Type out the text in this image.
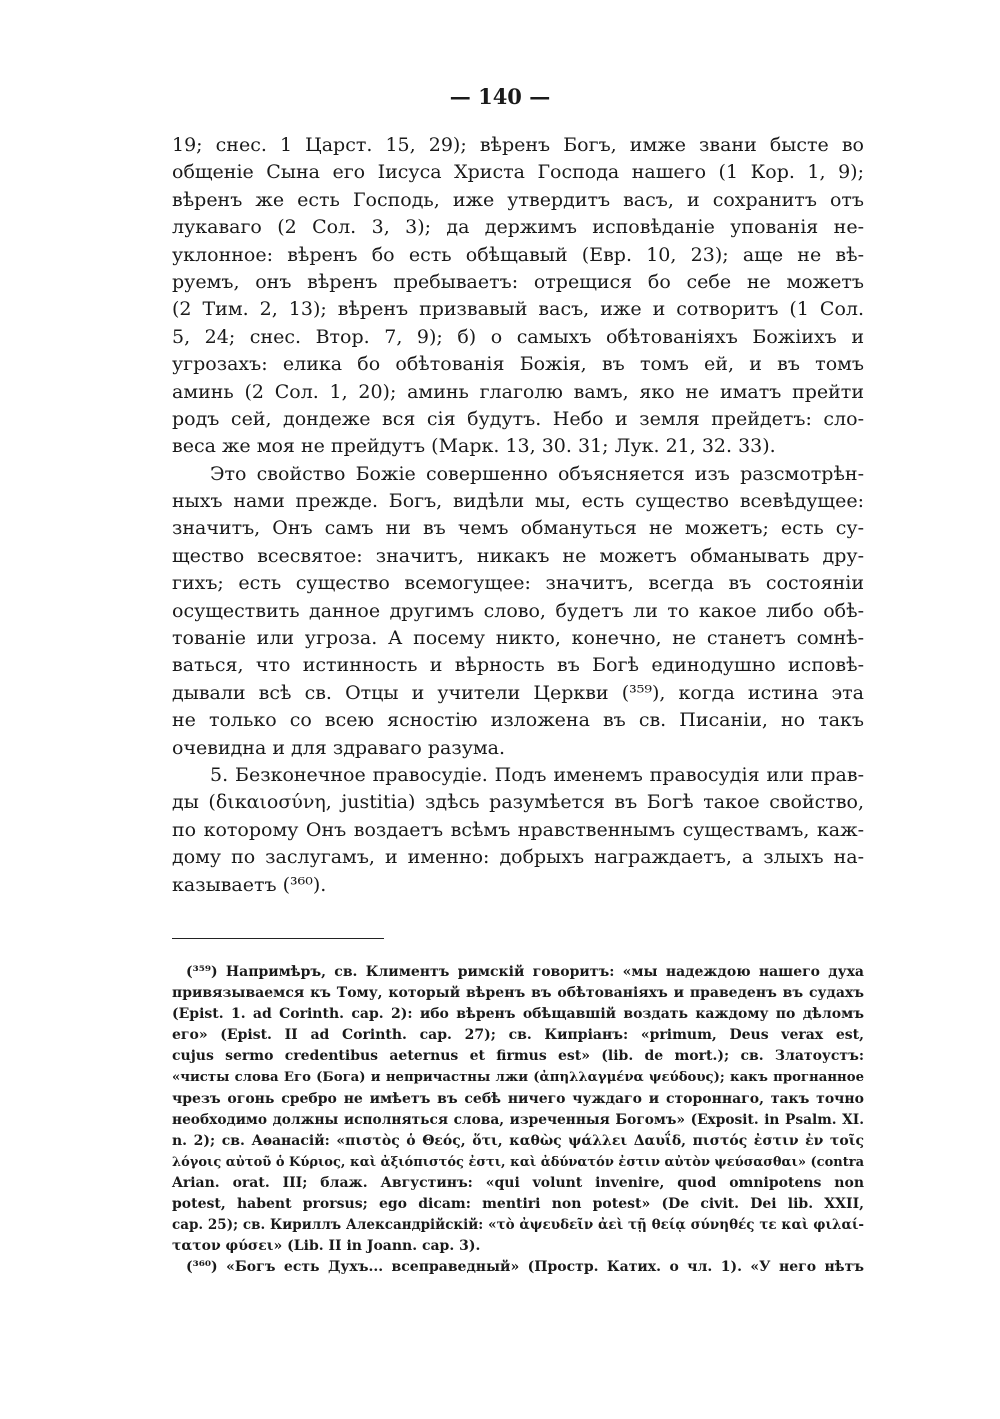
— 140 —
19; снес. 1 Царст. 15, 29); вѣренъ Богъ, имже звани бысте во
общеніе Сына его Іисуса Христа Господа нашего (1 Кор. 1, 9);
вѣренъ же есть Господь, иже утвердитъ васъ, и сохранитъ отъ
лукаваго (2 Сол. 3, 3); да держимъ исповѣданіе упованія не-
уклонное: вѣренъ бо есть обѣщавый (Евр. 10, 23); аще не вѣ-
руемъ, онъ вѣренъ пребываетъ: отрещися бо себе не можетъ
(2 Тим. 2, 13); вѣренъ призвавый васъ, иже и сотворитъ (1 Сол.
5, 24; снес. Втор. 7, 9); б) о самыхъ обѣтованіяхъ Божіихъ и
угрозахъ: елика бо обѣтованія Божія, въ томъ ей, и въ томъ
аминь (2 Сол. 1, 20); аминь глаголю вамъ, яко не иматъ прейти
родъ сей, дондеже вся сія будутъ. Небо и земля прейдетъ: сло-
веса же моя не прейдутъ (Марк. 13, 30. 31; Лук. 21, 32. 33).
Это свойство Божіе совершенно объясняется изъ разсмотрѣн-
ныхъ нами прежде. Богъ, видѣли мы, есть существо всевѣдущее:
значитъ, Онъ самъ ни въ чемъ обмануться не можетъ; есть су-
щество всесвятое: значитъ, никакъ не можетъ обманывать дру-
гихъ; есть существо всемогущее: значитъ, всегда въ состояніи
осуществить данное другимъ слово, будетъ ли то какое либо обѣ-
тованіе или угроза. А посему никто, конечно, не станетъ сомнѣ-
ваться, что истинность и вѣрность въ Богѣ единодушно исповѣ-
дывали всѣ св. Отцы и учители Церкви (³⁵⁹), когда истина эта
не только со всею ясностію изложена въ св. Писаніи, но такъ
очевидна и для здраваго разума.
5. Безконечное правосудіе. Подъ именемъ правосудія или прав-
ды (δικαιοσύνη, justitia) здѣсь разумѣется въ Богѣ такое свойство,
по которому Онъ воздаетъ всѣмъ нравственнымъ существамъ, каж-
дому по заслугамъ, и именно: добрыхъ награждаетъ, а злыхъ на-
казываетъ (³⁶⁰).
(³⁵⁹) Напримѣръ, св. Климентъ римскій говоритъ: «мы надеждою нашего духа
привязываемся къ Тому, который вѣренъ въ обѣтованіяхъ и праведенъ въ судахъ
(Epist. 1. ad Corinth. cap. 2): ибо вѣренъ обѣщавшій воздать каждому по дѣломъ
его» (Epist. II ad Corinth. cap. 27); св. Кипріанъ: «primum, Deus verax est,
cujus sermo credentibus aeternus et firmus est» (lib. de mort.); св. Златоустъ:
«чисты слова Его (Бога) и непричастны лжи (ἀπηλλαγμένα ψεύδους); какъ прогнанное
чрезъ огонь сребро не имѣетъ въ себѣ ничего чуждаго и стороннаго, такъ точно
необходимо должны исполняться слова, изреченныя Богомъ» (Exposit. in Psalm. XI.
n. 2); св. Аѳанасій: «πιστὸς ὁ Θεός, ὅτι, καθὼς ψάλλει Δαυΐδ, πιστός ἐστιν ἐν τοῖς
λόγοις αὐτοῦ ὁ Κύριος, καὶ ἀξιόπιστός ἐστι, καὶ ἀδύνατόν ἐστιν αὐτὸν ψεύσασθαι» (contra
Arian. orat. III; блаж. Августинъ: «qui volunt invenire, quod omnipotens non
potest, habent prorsus; ego dicam: mentiri non potest» (De civit. Dei lib. XXII,
cap. 25); св. Кириллъ Александрійскій: «τὸ ἀψευδεῖν ἀεὶ τῇ θείᾳ σύνηθές τε καὶ φιλαί-
τατον φύσει» (Lib. II in Joann. cap. 3).
(³⁶⁰) «Богъ есть Духъ... всеправедный» (Простр. Катих. о чл. 1). «У него нѣтъ
